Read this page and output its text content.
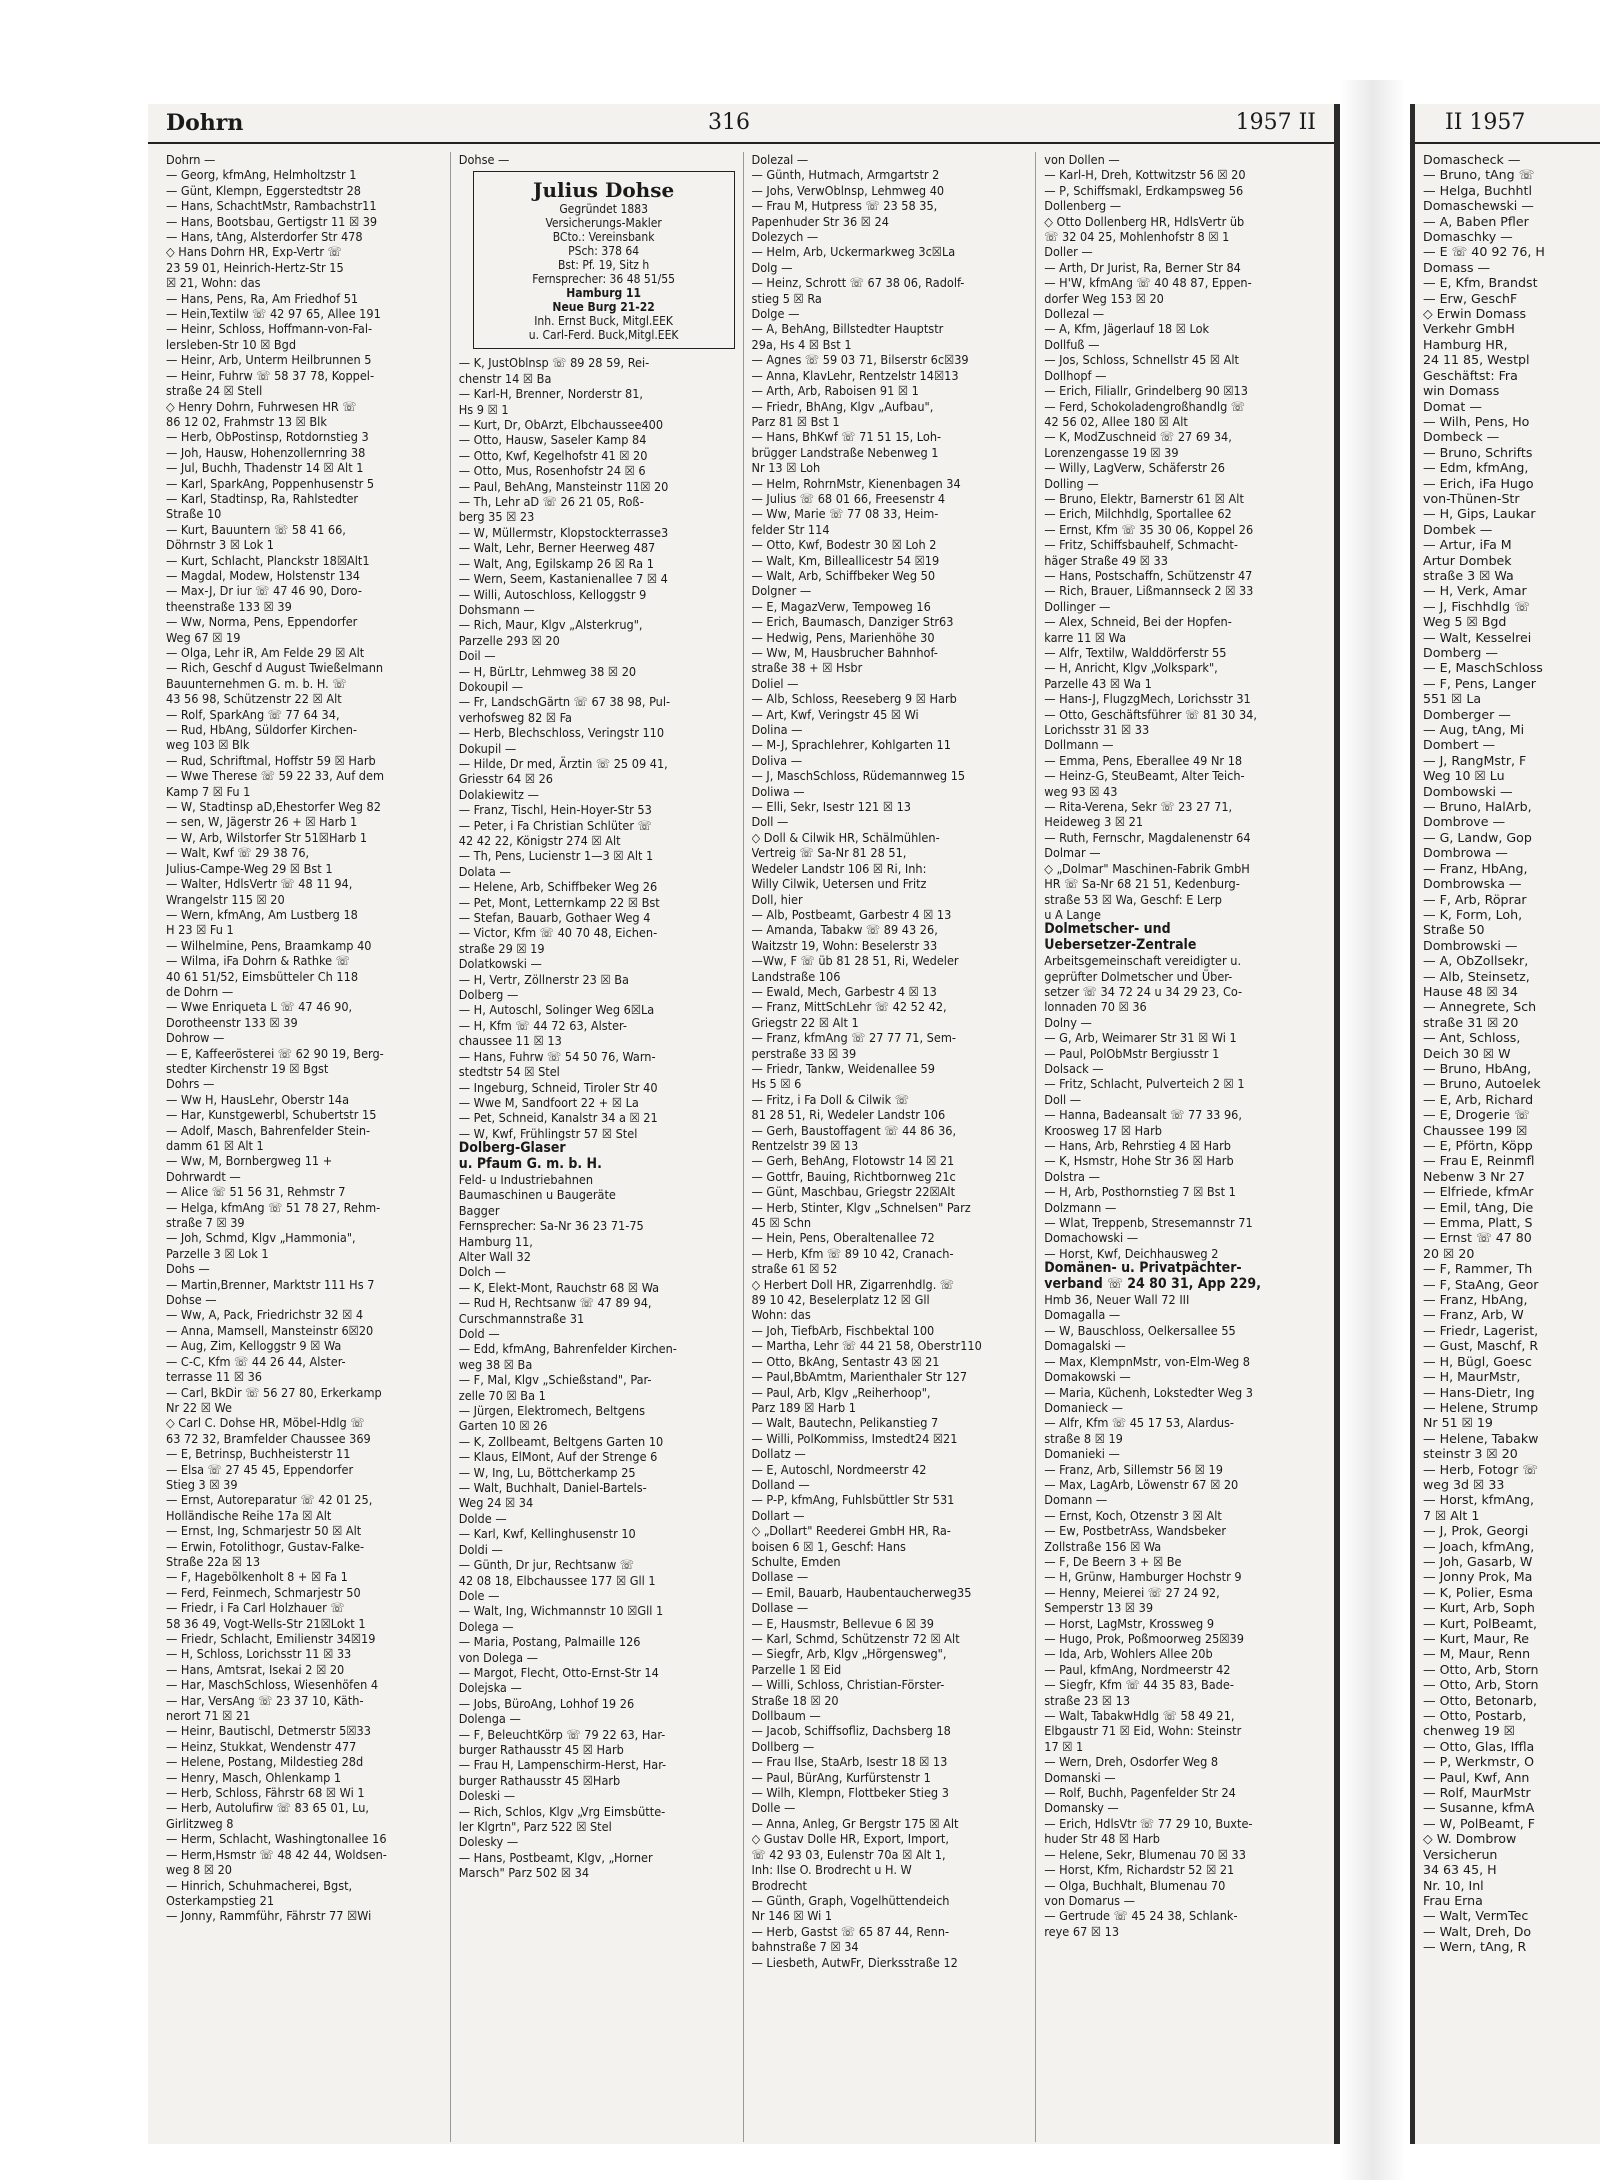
Dohrn	316	1957 II
Dohrn —
— Georg, kfmAng, Helmholtzstr 1
— Günt, Klempn, Eggerstedtstr 28
— Hans, SchachtMstr, Rambachstr11
— Hans, Bootsbau, Gertigstr 11 ☒ 39
— Hans, tAng, Alsterdorfer Str 478
◇ Hans Dohrn HR, Exp-Vertr ☏
23 59 01, Heinrich-Hertz-Str 15
☒ 21, Wohn: das
— Hans, Pens, Ra, Am Friedhof 51
— Hein,Textilw ☏ 42 97 65, Allee 191
— Heinr, Schloss, Hoffmann-von-Fal-
lersleben-Str 10 ☒ Bgd
— Heinr, Arb, Unterm Heilbrunnen 5
— Heinr, Fuhrw ☏ 58 37 78, Koppel-
straße 24 ☒ Stell
◇ Henry Dohrn, Fuhrwesen HR ☏
86 12 02, Frahmstr 13 ☒ Blk
— Herb, ObPostinsp, Rotdornstieg 3
— Joh, Hausw, Hohenzollernring 38
— Jul, Buchh, Thadenstr 14 ☒ Alt 1
— Karl, SparkAng, Poppenhusenstr 5
— Karl, Stadtinsp, Ra, Rahlstedter
Straße 10
— Kurt, Bauuntern ☏ 58 41 66,
Döhrnstr 3 ☒ Lok 1
— Kurt, Schlacht, Planckstr 18☒Alt1
— Magdal, Modew, Holstenstr 134
— Max-J, Dr iur ☏ 47 46 90, Doro-
theenstraße 133 ☒ 39
— Ww, Norma, Pens, Eppendorfer
Weg 67 ☒ 19
— Olga, Lehr iR, Am Felde 29 ☒ Alt
— Rich, Geschf d August Twießelmann
Bauunternehmen G. m. b. H. ☏
43 56 98, Schützenstr 22 ☒ Alt
— Rolf, SparkAng ☏ 77 64 34,
— Rud, HbAng, Süldorfer Kirchen-
weg 103 ☒ Blk
— Rud, Schriftmal, Hoffstr 59 ☒ Harb
— Wwe Therese ☏ 59 22 33, Auf dem
Kamp 7 ☒ Fu 1
— W, Stadtinsp aD,Ehestorfer Weg 82
— sen, W, Jägerstr 26 + ☒ Harb 1
— W, Arb, Wilstorfer Str 51☒Harb 1
— Walt, Kwf ☏ 29 38 76,
Julius-Campe-Weg 29 ☒ Bst 1
— Walter, HdlsVertr ☏ 48 11 94,
Wrangelstr 115 ☒ 20
— Wern, kfmAng, Am Lustberg 18
H 23 ☒ Fu 1
— Wilhelmine, Pens, Braamkamp 40
— Wilma, iFa Dohrn & Rathke ☏
40 61 51/52, Eimsbütteler Ch 118
de Dohrn —
— Wwe Enriqueta L ☏ 47 46 90,
Dorotheenstr 133 ☒ 39
Dohrow —
— E, Kaffeerösterei ☏ 62 90 19, Berg-
stedter Kirchenstr 19 ☒ Bgst
Dohrs —
— Ww H, HausLehr, Oberstr 14a
— Har, Kunstgewerbl, Schubertstr 15
— Adolf, Masch, Bahrenfelder Stein-
damm 61 ☒ Alt 1
— Ww, M, Bornbergweg 11 +
Dohrwardt —
— Alice ☏ 51 56 31, Rehmstr 7
— Helga, kfmAng ☏ 51 78 27, Rehm-
straße 7 ☒ 39
— Joh, Schmd, Klgv „Hammonia",
Parzelle 3 ☒ Lok 1
Dohs —
— Martin,Brenner, Marktstr 111 Hs 7
Dohse —
— Ww, A, Pack, Friedrichstr 32 ☒ 4
— Anna, Mamsell, Mansteinstr 6☒20
— Aug, Zim, Kelloggstr 9 ☒ Wa
— C-C, Kfm ☏ 44 26 44, Alster-
terrasse 11 ☒ 36
— Carl, BkDir ☏ 56 27 80, Erkerkamp
Nr 22 ☒ We
◇ Carl C. Dohse HR, Möbel-Hdlg ☏
63 72 32, Bramfelder Chaussee 369
— E, Betrinsp, Buchheisterstr 11
— Elsa ☏ 27 45 45, Eppendorfer
Stieg 3 ☒ 39
— Ernst, Autoreparatur ☏ 42 01 25,
Holländische Reihe 17a ☒ Alt
— Ernst, Ing, Schmarjestr 50 ☒ Alt
— Erwin, Fotolithogr, Gustav-Falke-
Straße 22a ☒ 13
— F, Hagebölkenholt 8 + ☒ Fa 1
— Ferd, Feinmech, Schmarjestr 50
— Friedr, i Fa Carl Holzhauer ☏
58 36 49, Vogt-Wells-Str 21☒Lokt 1
— Friedr, Schlacht, Emilienstr 34☒19
— H, Schloss, Lorichsstr 11 ☒ 33
— Hans, Amtsrat, Isekai 2 ☒ 20
— Har, MaschSchloss, Wiesenhöfen 4
— Har, VersAng ☏ 23 37 10, Käth-
nerort 71 ☒ 21
— Heinr, Bautischl, Detmerstr 5☒33
— Heinz, Stukkat, Wendenstr 477
— Helene, Postang, Mildestieg 28d
— Henry, Masch, Ohlenkamp 1
— Herb, Schloss, Fährstr 68 ☒ Wi 1
— Herb, Autolufirw ☏ 83 65 01, Lu,
Girlitzweg 8
— Herm, Schlacht, Washingtonallee 16
— Herm,Hsmstr ☏ 48 42 44, Woldsen-
weg 8 ☒ 20
— Hinrich, Schuhmacherei, Bgst,
Osterkampstieg 21
— Jonny, Rammführ, Fährstr 77 ☒Wi
Dohse —
Julius Dohse
Gegründet 1883
Versicherungs-Makler
BCto.: Vereinsbank
PSch: 378 64
Bst: Pf. 19, Sitz h
Fernsprecher: 36 48 51/55
Hamburg 11
Neue Burg 21-22
Inh. Ernst Buck, Mitgl.EEK
u. Carl-Ferd. Buck,Mitgl.EEK
— K, JustOblnsp ☏ 89 28 59, Rei-
chenstr 14 ☒ Ba
— Karl-H, Brenner, Norderstr 81,
Hs 9 ☒ 1
— Kurt, Dr, ObArzt, Elbchaussee400
— Otto, Hausw, Saseler Kamp 84
— Otto, Kwf, Kegelhofstr 41 ☒ 20
— Otto, Mus, Rosenhofstr 24 ☒ 6
— Paul, BehAng, Mansteinstr 11☒ 20
— Th, Lehr aD ☏ 26 21 05, Roß-
berg 35 ☒ 23
— W, Müllermstr, Klopstockterrasse3
— Walt, Lehr, Berner Heerweg 487
— Walt, Ang, Egilskamp 26 ☒ Ra 1
— Wern, Seem, Kastanienallee 7 ☒ 4
— Willi, Autoschloss, Kelloggstr 9
Dohsmann —
— Rich, Maur, Klgv „Alsterkrug",
Parzelle 293 ☒ 20
Doil —
— H, BürLtr, Lehmweg 38 ☒ 20
Dokoupil —
— Fr, LandschGärtn ☏ 67 38 98, Pul-
verhofsweg 82 ☒ Fa
— Herb, Blechschloss, Veringstr 110
Dokupil —
— Hilde, Dr med, Ärztin ☏ 25 09 41,
Griesstr 64 ☒ 26
Dolakiewitz —
— Franz, Tischl, Hein-Hoyer-Str 53
— Peter, i Fa Christian Schlüter ☏
42 42 22, Königstr 274 ☒ Alt
— Th, Pens, Lucienstr 1—3 ☒ Alt 1
Dolata —
— Helene, Arb, Schiffbeker Weg 26
— Pet, Mont, Letternkamp 22 ☒ Bst
— Stefan, Bauarb, Gothaer Weg 4
— Victor, Kfm ☏ 40 70 48, Eichen-
straße 29 ☒ 19
Dolatkowski —
— H, Vertr, Zöllnerstr 23 ☒ Ba
Dolberg —
— H, Autoschl, Solinger Weg 6☒La
— H, Kfm ☏ 44 72 63, Alster-
chaussee 11 ☒ 13
— Hans, Fuhrw ☏ 54 50 76, Warn-
stedtstr 54 ☒ Stel
— Ingeburg, Schneid, Tiroler Str 40
— Wwe M, Sandfoort 22 + ☒ La
— Pet, Schneid, Kanalstr 34 a ☒ 21
— W, Kwf, Frühlingstr 57 ☒ Stel
Dolberg-Glaser
u. Pfaum G. m. b. H.
Feld- u Industriebahnen
Baumaschinen u Baugeräte
Bagger
Fernsprecher: Sa-Nr 36 23 71-75
Hamburg 11,
Alter Wall 32
Dolch —
— K, Elekt-Mont, Rauchstr 68 ☒ Wa
— Rud H, Rechtsanw ☏ 47 89 94,
Curschmannstraße 31
Dold —
— Edd, kfmAng, Bahrenfelder Kirchen-
weg 38 ☒ Ba
— F, Mal, Klgv „Schießstand", Par-
zelle 70 ☒ Ba 1
— Jürgen, Elektromech, Beltgens
Garten 10 ☒ 26
— K, Zollbeamt, Beltgens Garten 10
— Klaus, ElMont, Auf der Strenge 6
— W, Ing, Lu, Böttcherkamp 25
— Walt, Buchhalt, Daniel-Bartels-
Weg 24 ☒ 34
Dolde —
— Karl, Kwf, Kellinghusenstr 10
Doldi —
— Günth, Dr jur, Rechtsanw ☏
42 08 18, Elbchaussee 177 ☒ Gll 1
Dole —
— Walt, Ing, Wichmannstr 10 ☒Gll 1
Dolega —
— Maria, Postang, Palmaille 126
von Dolega —
— Margot, Flecht, Otto-Ernst-Str 14
Dolejska —
— Jobs, BüroAng, Lohhof 19 26
Dolenga —
— F, BeleuchtKörp ☏ 79 22 63, Har-
burger Rathausstr 45 ☒ Harb
— Frau H, Lampenschirm-Herst, Har-
burger Rathausstr 45 ☒Harb
Doleski —
— Rich, Schlos, Klgv „Vrg Eimsbütte-
ler Klgrtn", Parz 522 ☒ Stel
Dolesky —
— Hans, Postbeamt, Klgv, „Horner
Marsch" Parz 502 ☒ 34
Dolezal —
— Günth, Hutmach, Armgartstr 2
— Johs, VerwOblnsp, Lehmweg 40
— Frau M, Hutpress ☏ 23 58 35,
Papenhuder Str 36 ☒ 24
Dolezych —
— Helm, Arb, Uckermarkweg 3c☒La
Dolg —
— Heinz, Schrott ☏ 67 38 06, Radolf-
stieg 5 ☒ Ra
Dolge —
— A, BehAng, Billstedter Hauptstr
29a, Hs 4 ☒ Bst 1
— Agnes ☏ 59 03 71, Bilserstr 6c☒39
— Anna, KlavLehr, Rentzelstr 14☒13
— Arth, Arb, Raboisen 91 ☒ 1
— Friedr, BhAng, Klgv „Aufbau",
Parz 81 ☒ Bst 1
— Hans, BhKwf ☏ 71 51 15, Loh-
brügger Landstraße Nebenweg 1
Nr 13 ☒ Loh
— Helm, RohrnMstr, Kienenbagen 34
— Julius ☏ 68 01 66, Freesenstr 4
— Ww, Marie ☏ 77 08 33, Heim-
felder Str 114
— Otto, Kwf, Bodestr 30 ☒ Loh 2
— Walt, Km, Billeallicestr 54 ☒19
— Walt, Arb, Schiffbeker Weg 50
Dolgner —
— E, MagazVerw, Tempoweg 16
— Erich, Baumasch, Danziger Str63
— Hedwig, Pens, Marienhöhe 30
— Ww, M, Hausbrucher Bahnhof-
straße 38 + ☒ Hsbr
Doliel —
— Alb, Schloss, Reeseberg 9 ☒ Harb
— Art, Kwf, Veringstr 45 ☒ Wi
Dolina —
— M-J, Sprachlehrer, Kohlgarten 11
Doliva —
— J, MaschSchloss, Rüdemannweg 15
Doliwa —
— Elli, Sekr, Isestr 121 ☒ 13
Doll —
◇ Doll & Cilwik HR, Schälmühlen-
Vertreig ☏ Sa-Nr 81 28 51,
Wedeler Landstr 106 ☒ Ri, Inh:
Willy Cilwik, Uetersen und Fritz
Doll, hier
— Alb, Postbeamt, Garbestr 4 ☒ 13
— Amanda, Tabakw ☏ 89 43 26,
Waitzstr 19, Wohn: Beselerstr 33
—Ww, F ☏ üb 81 28 51, Ri, Wedeler
Landstraße 106
— Ewald, Mech, Garbestr 4 ☒ 13
— Franz, MittSchLehr ☏ 42 52 42,
Griegstr 22 ☒ Alt 1
— Franz, kfmAng ☏ 27 77 71, Sem-
perstraße 33 ☒ 39
— Friedr, Tankw, Weidenallee 59
Hs 5 ☒ 6
— Fritz, i Fa Doll & Cilwik ☏
81 28 51, Ri, Wedeler Landstr 106
— Gerh, Baustoffagent ☏ 44 86 36,
Rentzelstr 39 ☒ 13
— Gerh, BehAng, Flotowstr 14 ☒ 21
— Gottfr, Bauing, Richtbornweg 21c
— Günt, Maschbau, Griegstr 22☒Alt
— Herb, Stinter, Klgv „Schnelsen" Parz
45 ☒ Schn
— Hein, Pens, Oberaltenallee 72
— Herb, Kfm ☏ 89 10 42, Cranach-
straße 61 ☒ 52
◇ Herbert Doll HR, Zigarrenhdlg. ☏
89 10 42, Beselerplatz 12 ☒ Gll
Wohn: das
— Joh, TiefbArb, Fischbektal 100
— Martha, Lehr ☏ 44 21 58, Oberstr110
— Otto, BkAng, Sentastr 43 ☒ 21
— Paul,BbAmtm, Marienthaler Str 127
— Paul, Arb, Klgv „Reiherhoop",
Parz 189 ☒ Harb 1
— Walt, Bautechn, Pelikanstieg 7
— Willi, PolKommiss, Imstedt24 ☒21
Dollatz —
— E, Autoschl, Nordmeerstr 42
Dolland —
— P-P, kfmAng, Fuhlsbüttler Str 531
Dollart —
◇ „Dollart" Reederei GmbH HR, Ra-
boisen 6 ☒ 1, Geschf: Hans
Schulte, Emden
Dollase —
— Emil, Bauarb, Haubentaucherweg35
Dollase —
— E, Hausmstr, Bellevue 6 ☒ 39
— Karl, Schmd, Schützenstr 72 ☒ Alt
— Siegfr, Arb, Klgv „Hörgensweg",
Parzelle 1 ☒ Eid
— Willi, Schloss, Christian-Förster-
Straße 18 ☒ 20
Dollbaum —
— Jacob, Schiffsofliz, Dachsberg 18
Dollberg —
— Frau Ilse, StaArb, Isestr 18 ☒ 13
— Paul, BürAng, Kurfürstenstr 1
— Wilh, Klempn, Flottbeker Stieg 3
Dolle —
— Anna, Anleg, Gr Bergstr 175 ☒ Alt
◇ Gustav Dolle HR, Export, Import,
☏ 42 93 03, Eulenstr 70a ☒ Alt 1,
Inh: Ilse O. Brodrecht u H. W
Brodrecht
— Günth, Graph, Vogelhüttendeich
Nr 146 ☒ Wi 1
— Herb, Gastst ☏ 65 87 44, Renn-
bahnstraße 7 ☒ 34
— Liesbeth, AutwFr, Dierksstraße 12
von Dollen —
— Karl-H, Dreh, Kottwitzstr 56 ☒ 20
— P, Schiffsmakl, Erdkampsweg 56
Dollenberg —
◇ Otto Dollenberg HR, HdlsVertr üb
☏ 32 04 25, Mohlenhofstr 8 ☒ 1
Doller —
— Arth, Dr Jurist, Ra, Berner Str 84
— H'W, kfmAng ☏ 40 48 87, Eppen-
dorfer Weg 153 ☒ 20
Dollezal —
— A, Kfm, Jägerlauf 18 ☒ Lok
Dollfuß —
— Jos, Schloss, Schnellstr 45 ☒ Alt
Dollhopf —
— Erich, Filiallr, Grindelberg 90 ☒13
— Ferd, Schokoladengroßhandlg ☏
42 56 02, Allee 180 ☒ Alt
— K, ModZuschneid ☏ 27 69 34,
Lorenzengasse 19 ☒ 39
— Willy, LagVerw, Schäferstr 26
Dolling —
— Bruno, Elektr, Barnerstr 61 ☒ Alt
— Erich, Milchhdlg, Sportallee 62
— Ernst, Kfm ☏ 35 30 06, Koppel 26
— Fritz, Schiffsbauhelf, Schmacht-
häger Straße 49 ☒ 33
— Hans, Postschaffn, Schützenstr 47
— Rich, Brauer, Lißmannseck 2 ☒ 33
Dollinger —
— Alex, Schneid, Bei der Hopfen-
karre 11 ☒ Wa
— Alfr, Textilw, Walddörferstr 55
— H, Anricht, Klgv „Volkspark",
Parzelle 43 ☒ Wa 1
— Hans-J, FlugzgMech, Lorichsstr 31
— Otto, Geschäftsführer ☏ 81 30 34,
Lorichsstr 31 ☒ 33
Dollmann —
— Emma, Pens, Eberallee 49 Nr 18
— Heinz-G, SteuBeamt, Alter Teich-
weg 93 ☒ 43
— Rita-Verena, Sekr ☏ 23 27 71,
Heideweg 3 ☒ 21
— Ruth, Fernschr, Magdalenenstr 64
Dolmar —
◇ „Dolmar" Maschinen-Fabrik GmbH
HR ☏ Sa-Nr 68 21 51, Kedenburg-
straße 53 ☒ Wa, Geschf: E Lerp
u A Lange
Dolmetscher- und
Uebersetzer-Zentrale
Arbeitsgemeinschaft vereidigter u.
geprüfter Dolmetscher und Über-
setzer ☏ 34 72 24 u 34 29 23, Co-
lonnaden 70 ☒ 36
Dolny —
— G, Arb, Weimarer Str 31 ☒ Wi 1
— Paul, PolObMstr Bergiusstr 1
Dolsack —
— Fritz, Schlacht, Pulverteich 2 ☒ 1
Doll —
— Hanna, Badeansalt ☏ 77 33 96,
Kroosweg 17 ☒ Harb
— Hans, Arb, Rehrstieg 4 ☒ Harb
— K, Hsmstr, Hohe Str 36 ☒ Harb
Dolstra —
— H, Arb, Posthornstieg 7 ☒ Bst 1
Dolzmann —
— Wlat, Treppenb, Stresemannstr 71
Domachowski —
— Horst, Kwf, Deichhausweg 2
Domänen- u. Privatpächter-
verband ☏ 24 80 31, App 229,
Hmb 36, Neuer Wall 72 III
Domagalla —
— W, Bauschloss, Oelkersallee 55
Domagalski —
— Max, KlempnMstr, von-Elm-Weg 8
Domakowski —
— Maria, Küchenh, Lokstedter Weg 3
Domanieck —
— Alfr, Kfm ☏ 45 17 53, Alardus-
straße 8 ☒ 19
Domanieki —
— Franz, Arb, Sillemstr 56 ☒ 19
— Max, LagArb, Löwenstr 67 ☒ 20
Domann —
— Ernst, Koch, Otzenstr 3 ☒ Alt
— Ew, PostbetrAss, Wandsbeker
Zollstraße 156 ☒ Wa
— F, De Beern 3 + ☒ Be
— H, Grünw, Hamburger Hochstr 9
— Henny, Meierei ☏ 27 24 92,
Semperstr 13 ☒ 39
— Horst, LagMstr, Krossweg 9
— Hugo, Prok, Poßmoorweg 25☒39
— Ida, Arb, Wohlers Allee 20b
— Paul, kfmAng, Nordmeerstr 42
— Siegfr, Kfm ☏ 44 35 83, Bade-
straße 23 ☒ 13
— Walt, TabakwHdlg ☏ 58 49 21,
Elbgaustr 71 ☒ Eid, Wohn: Steinstr
17 ☒ 1
— Wern, Dreh, Osdorfer Weg 8
Domanski —
— Rolf, Buchh, Pagenfelder Str 24
Domansky —
— Erich, HdlsVtr ☏ 77 29 10, Buxte-
huder Str 48 ☒ Harb
— Helene, Sekr, Blumenau 70 ☒ 33
— Horst, Kfm, Richardstr 52 ☒ 21
— Olga, Buchhalt, Blumenau 70
von Domarus —
— Gertrude ☏ 45 24 38, Schlank-
reye 67 ☒ 13
II 1957
Domascheck —
— Bruno, tAng ☏
— Helga, Buchhtl
Domaschewski —
— A, Baben Pfler
Domaschky —
— E ☏ 40 92 76, H
Domass —
— E, Kfm, Brandst
— Erw, GeschF
◇ Erwin Domass
Verkehr GmbH
Hamburg HR,
24 11 85, Westpl
Geschäftst: Fra
win Domass
Domat —
— Wilh, Pens, Ho
Dombeck —
— Bruno, Schrifts
— Edm, kfmAng,
— Erich, iFa Hugo
von-Thünen-Str
— H, Gips, Laukar
Dombek —
— Artur, iFa M
Artur Dombek
straße 3 ☒ Wa
— H, Verk, Amar
— J, Fischhdlg ☏
Weg 5 ☒ Bgd
— Walt, Kesselrei
Domberg —
— E, MaschSchloss
— F, Pens, Langer
551 ☒ La
Domberger —
— Aug, tAng, Mi
Dombert —
— J, RangMstr, F
Weg 10 ☒ Lu
Dombowski —
— Bruno, HalArb,
Dombrove —
— G, Landw, Gop
Dombrowa —
— Franz, HbAng,
Dombrowska —
— F, Arb, Röprar
— K, Form, Loh,
Straße 50
Dombrowski —
— A, ObZollsekr,
— Alb, Steinsetz,
Hause 48 ☒ 34
— Annegrete, Sch
straße 31 ☒ 20
— Ant, Schloss,
Deich 30 ☒ W
— Bruno, HbAng,
— Bruno, Autoelek
— E, Arb, Richard
— E, Drogerie ☏
Chaussee 199 ☒
— E, Pförtn, Köpp
— Frau E, Reinmfl
Nebenw 3 Nr 27
— Elfriede, kfmAr
— Emil, tAng, Die
— Emma, Platt, S
— Ernst ☏ 47 80
20 ☒ 20
— F, Rammer, Th
— F, StaAng, Geor
— Franz, HbAng,
— Franz, Arb, W
— Friedr, Lagerist,
— Gust, Maschf, R
— H, Bügl, Goesc
— H, MaurMstr,
— Hans-Dietr, Ing
— Helene, Strump
Nr 51 ☒ 19
— Helene, Tabakw
steinstr 3 ☒ 20
— Herb, Fotogr ☏
weg 3d ☒ 33
— Horst, kfmAng,
7 ☒ Alt 1
— J, Prok, Georgi
— Joach, kfmAng,
— Joh, Gasarb, W
— Jonny Prok, Ma
— K, Polier, Esma
— Kurt, Arb, Soph
— Kurt, PolBeamt,
— Kurt, Maur, Re
— M, Maur, Renn
— Otto, Arb, Storn
— Otto, Arb, Storn
— Otto, Betonarb,
— Otto, Postarb,
chenweg 19 ☒
— Otto, Glas, Iffla
— P, Werkmstr, O
— Paul, Kwf, Ann
— Rolf, MaurMstr
— Susanne, kfmA
— W, PolBeamt, F
◇ W. Dombrow
Versicherun
34 63 45, H
Nr. 10, Inl
Frau Erna
— Walt, VermTec
— Walt, Dreh, Do
— Wern, tAng, R
